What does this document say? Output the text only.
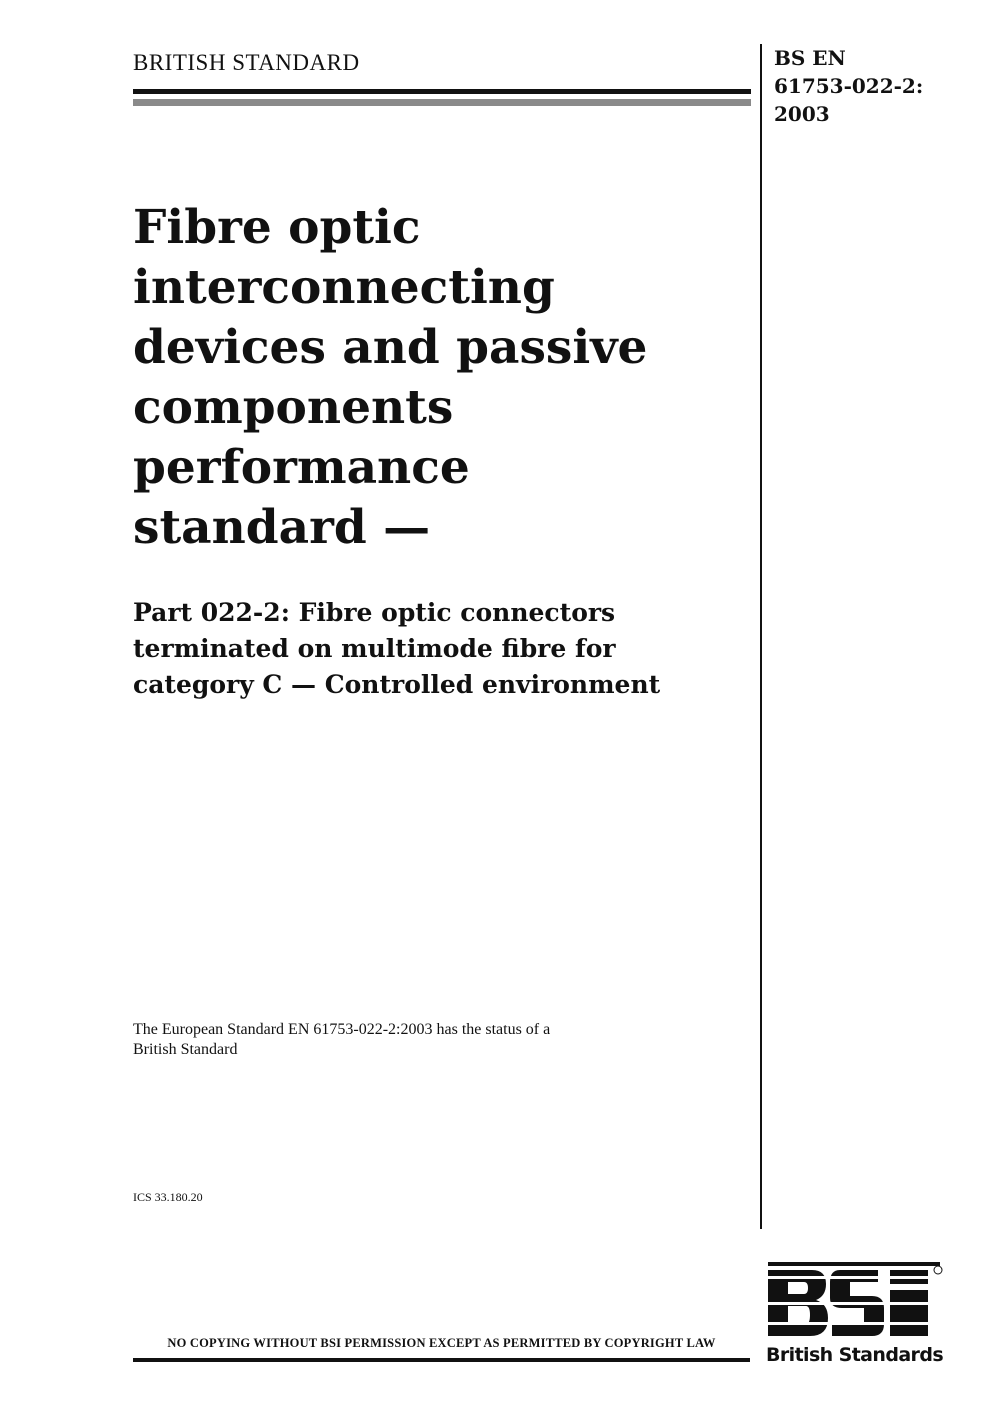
BRITISH STANDARD	BS EN
61753-022-2:
2003
Fibre optic
interconnecting
devices and passive
components
performance
standard —
Part 022-2: Fibre optic connectors
terminated on multimode fibre for
category C — Controlled environment
The European Standard EN 61753-022-2:2003 has the status of a
British Standard
ICS 33.180.20
NO COPYING WITHOUT BSI PERMISSION EXCEPT AS PERMITTED BY COPYRIGHT LAW
British Standards
